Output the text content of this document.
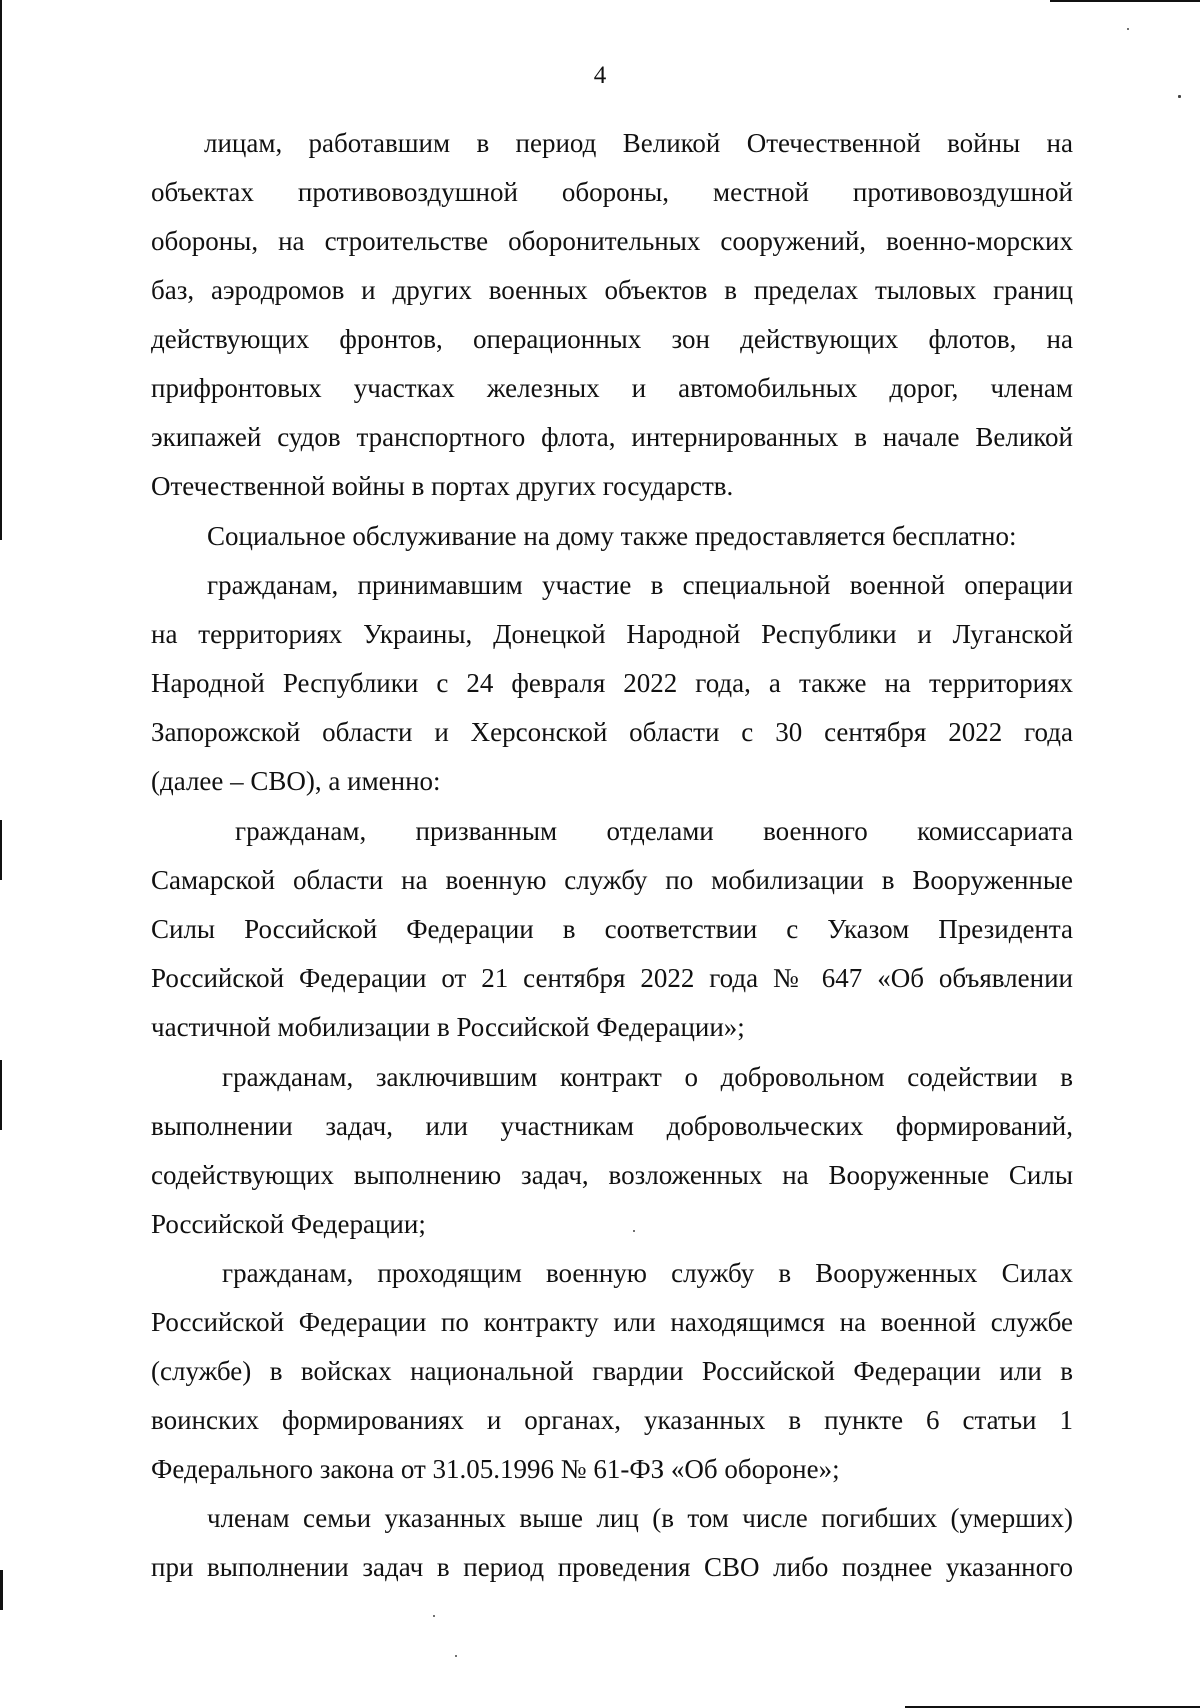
4
лицам, работавшим в период Великой Отечественной войны на
объектах противовоздушной обороны, местной противовоздушной
обороны, на строительстве оборонительных сооружений, военно-морских
баз, аэродромов и других военных объектов в пределах тыловых границ
действующих фронтов, операционных зон действующих флотов, на
прифронтовых участках железных и автомобильных дорог, членам
экипажей судов транспортного флота, интернированных в начале Великой
Отечественной войны в портах других государств.
Социальное обслуживание на дому также предоставляется бесплатно:
гражданам, принимавшим участие в специальной военной операции
на территориях Украины, Донецкой Народной Республики и Луганской
Народной Республики с 24 февраля 2022 года, а также на территориях
Запорожской области и Херсонской области с 30 сентября 2022 года
(далее – СВО), а именно:
гражданам, призванным отделами военного комиссариата
Самарской области на военную службу по мобилизации в Вооруженные
Силы Российской Федерации в соответствии с Указом Президента
Российской Федерации от 21 сентября 2022 года № 647 «Об объявлении
частичной мобилизации в Российской Федерации»;
гражданам, заключившим контракт о добровольном содействии в
выполнении задач, или участникам добровольческих формирований,
содействующих выполнению задач, возложенных на Вооруженные Силы
Российской Федерации;
гражданам, проходящим военную службу в Вооруженных Силах
Российской Федерации по контракту или находящимся на военной службе
(службе) в войсках национальной гвардии Российской Федерации или в
воинских формированиях и органах, указанных в пункте 6 статьи 1
Федерального закона от 31.05.1996 № 61-ФЗ «Об обороне»;
членам семьи указанных выше лиц (в том числе погибших (умерших)
при выполнении задач в период проведения СВО либо позднее указанного
